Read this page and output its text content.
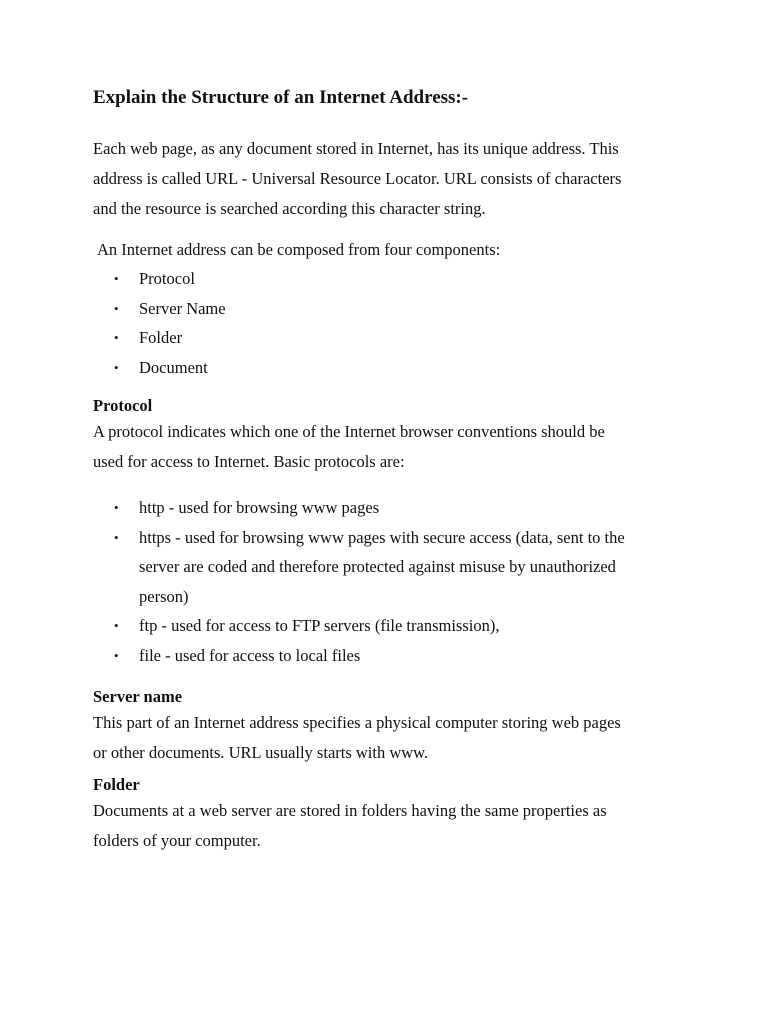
Explain the Structure of an Internet Address:-
Each web page, as any document stored in Internet, has its unique address. This
address is called URL - Universal Resource Locator. URL consists of characters
and the resource is searched according this character string.
An Internet address can be composed from four components:
• Protocol
• Server Name
• Folder
• Document
Protocol
A protocol indicates which one of the Internet browser conventions should be
used for access to Internet. Basic protocols are:
• http - used for browsing www pages
• https - used for browsing www pages with secure access (data, sent to the
server are coded and therefore protected against misuse by unauthorized
person)
• ftp - used for access to FTP servers (file transmission),
• file - used for access to local files
Server name
This part of an Internet address specifies a physical computer storing web pages
or other documents. URL usually starts with www.
Folder
Documents at a web server are stored in folders having the same properties as
folders of your computer.
